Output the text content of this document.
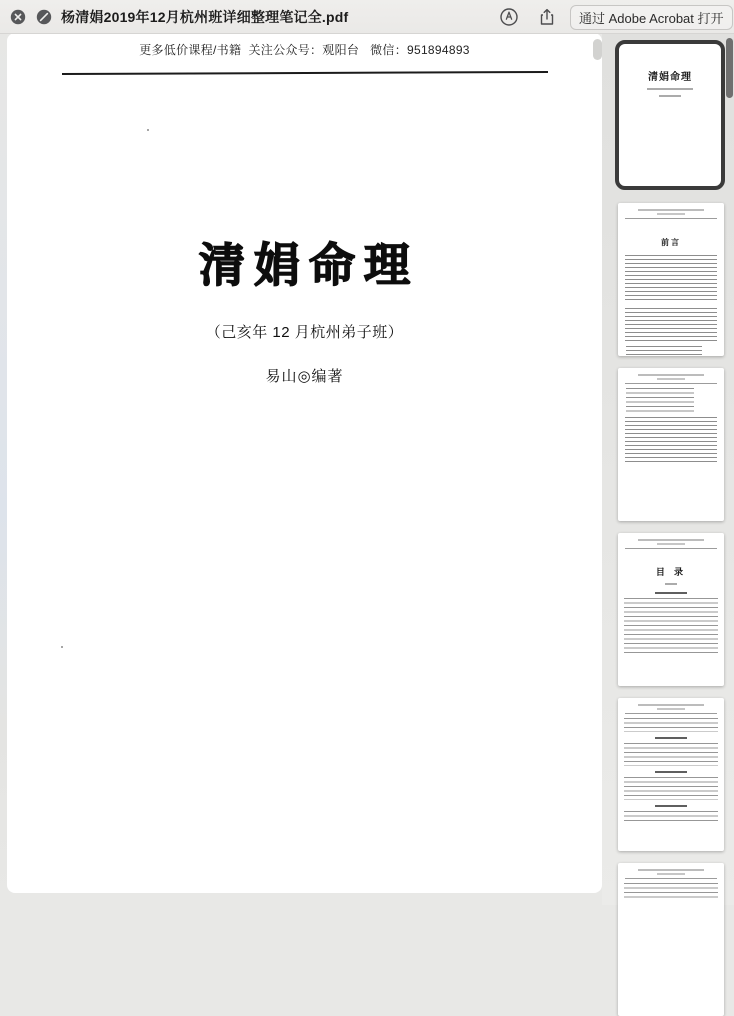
杨清娟2019年12月杭州班详细整理笔记全.pdf	通过 Adobe Acrobat 打开
更多低价课程/书籍  关注公众号：观阳台   微信：951894893
清娟命理
（己亥年 12 月杭州弟子班）
易山◎编著
清娟命理
前言
目 录
